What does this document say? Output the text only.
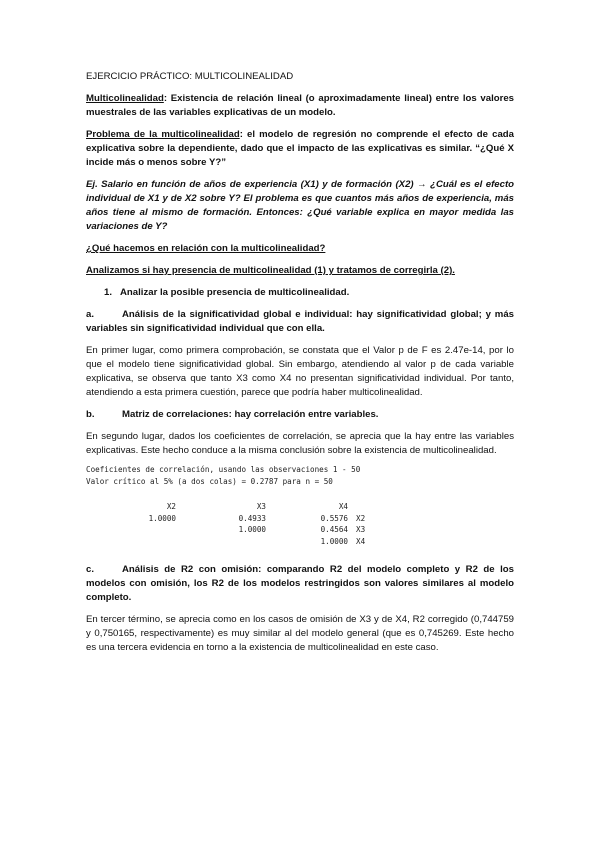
EJERCICIO PRÁCTICO: MULTICOLINEALIDAD

Multicolinealidad: Existencia de relación lineal (o aproximadamente lineal) entre los valores muestrales de las variables explicativas de un modelo.

Problema de la multicolinealidad: el modelo de regresión no comprende el efecto de cada explicativa sobre la dependiente, dado que el impacto de las explicativas es similar. “¿Qué X incide más o menos sobre Y?”

Ej. Salario en función de años de experiencia (X1) y de formación (X2) → ¿Cuál es el efecto individual de X1 y de X2 sobre Y? El problema es que cuantos más años de experiencia, más años tiene al mismo de formación. Entonces: ¿Qué variable explica en mayor medida las variaciones de Y?

¿Qué hacemos en relación con la multicolinealidad?

Analizamos si hay presencia de multicolinealidad (1) y tratamos de corregirla (2).

1. Analizar la posible presencia de multicolinealidad.

a.	Análisis de la significatividad global e individual: hay significatividad global; y más variables sin significatividad individual que con ella.

En primer lugar, como primera comprobación, se constata que el Valor p de F es 2.47e-14, por lo que el modelo tiene significatividad global. Sin embargo, atendiendo al valor p de cada variable explicativa, se observa que tanto X3 como X4 no presentan significatividad individual. Por tanto, atendiendo a esta primera cuestión, parece que podría haber multicolinealidad.

b.	Matriz de correlaciones: hay correlación entre variables.

En segundo lugar, dados los coeficientes de correlación, se aprecia que la hay entre las variables explicativas. Este hecho conduce a la misma conclusión sobre la existencia de multicolinealidad.

Coeficientes de correlación, usando las observaciones 1 - 50
Valor crítico al 5% (a dos colas) = 0.2787 para n = 50
X2	X3	X4	
1.0000	0.4933	0.5576	X2
	1.0000	0.4564	X3
		1.0000	X4

c.	Análisis de R2 con omisión: comparando R2 del modelo completo y R2 de los modelos con omisión, los R2 de los modelos restringidos son valores similares al modelo completo.

En tercer término, se aprecia como en los casos de omisión de X3 y de X4, R2 corregido (0,744759 y 0,750165, respectivamente) es muy similar al del modelo general (que es 0,745269. Este hecho es una tercera evidencia en torno a la existencia de multicolinealidad en este caso.
